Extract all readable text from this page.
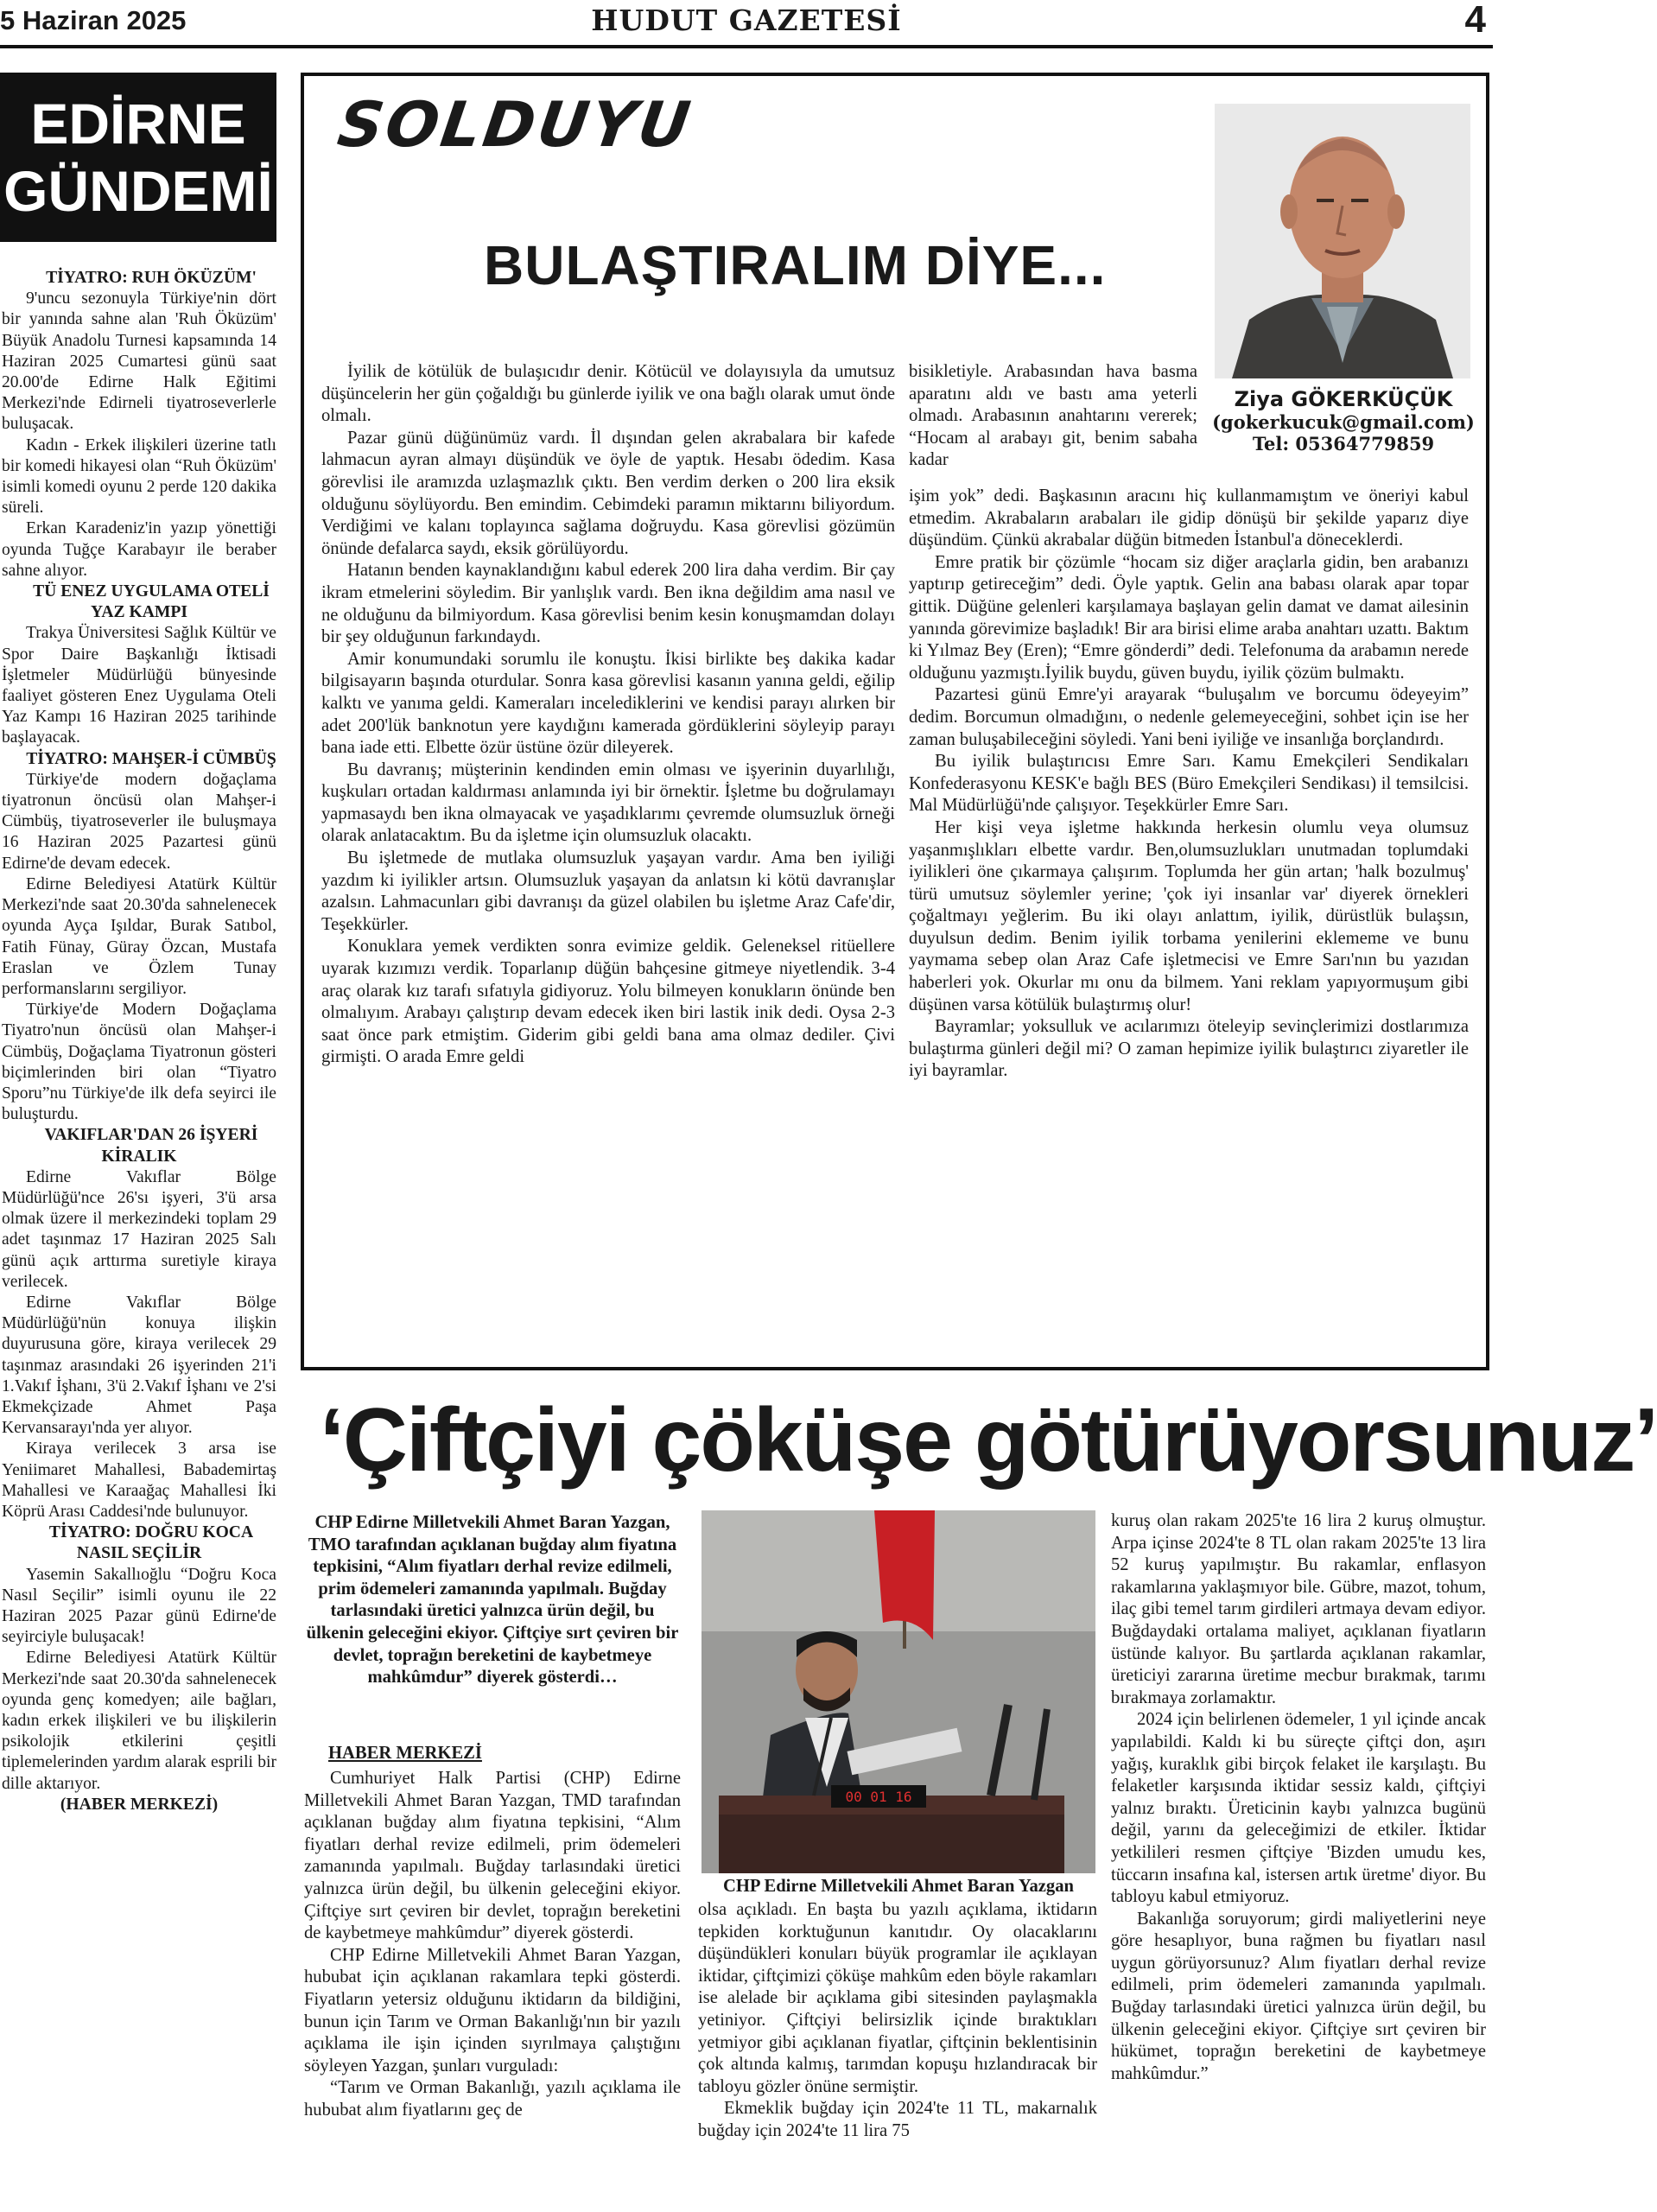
5 Haziran 2025	HUDUT GAZETESİ	4
EDİRNE
GÜNDEMİ

TİYATRO: RUH ÖKÜZÜM'

9'uncu sezonuyla Türkiye'nin dört bir yanında sahne alan 'Ruh Öküzüm' Büyük Anadolu Turnesi kapsamında 14 Haziran 2025 Cumartesi günü saat 20.00'de Edirne Halk Eğitimi Merkezi'nde Edirneli tiyatroseverlerle buluşacak.

Kadın - Erkek ilişkileri üzerine tatlı bir komedi hikayesi olan “Ruh Öküzüm' isimli komedi oyunu 2 perde 120 dakika süreli.

Erkan Karadeniz'in yazıp yönettiği oyunda Tuğçe Karabayır ile beraber sahne alıyor.

TÜ ENEZ UYGULAMA OTELİ YAZ KAMPI

Trakya Üniversitesi Sağlık Kültür ve Spor Daire Başkanlığı İktisadi İşletmeler Müdürlüğü bünyesinde faaliyet gösteren Enez Uygulama Oteli Yaz Kampı 16 Haziran 2025 tarihinde başlayacak.

TİYATRO: MAHŞER-İ CÜMBÜŞ

Türkiye'de modern doğaçlama tiyatronun öncüsü olan Mahşer-i Cümbüş, tiyatroseverler ile buluşmaya 16 Haziran 2025 Pazartesi günü Edirne'de devam edecek.

Edirne Belediyesi Atatürk Kültür Merkezi'nde saat 20.30'da sahnelenecek oyunda Ayça Işıldar, Burak Satıbol, Fatih Fünay, Güray Özcan, Mustafa Eraslan ve Özlem Tunay performanslarını sergiliyor.

Türkiye'de Modern Doğaçlama Tiyatro'nun öncüsü olan Mahşer-i Cümbüş, Doğaçlama Tiyatronun gösteri biçimlerinden biri olan “Tiyatro Sporu”nu Türkiye'de ilk defa seyirci ile buluşturdu.

VAKIFLAR'DAN 26 İŞYERİ KİRALIK

Edirne Vakıflar Bölge Müdürlüğü'nce 26'sı işyeri, 3'ü arsa olmak üzere il merkezindeki toplam 29 adet taşınmaz 17 Haziran 2025 Salı günü açık arttırma suretiyle kiraya verilecek.

Edirne Vakıflar Bölge Müdürlüğü'nün konuya ilişkin duyurusuna göre, kiraya verilecek 29 taşınmaz arasındaki 26 işyerinden 21'i 1.Vakıf İşhanı, 3'ü 2.Vakıf İşhanı ve 2'si Ekmekçizade Ahmet Paşa Kervansarayı'nda yer alıyor.

Kiraya verilecek 3 arsa ise Yeniimaret Mahallesi, Babademirtaş Mahallesi ve Karaağaç Mahallesi İki Köprü Arası Caddesi'nde bulunuyor.

TİYATRO: DOĞRU KOCA NASIL SEÇİLİR

Yasemin Sakallıoğlu “Doğru Koca Nasıl Seçilir” isimli oyunu ile 22 Haziran 2025 Pazar günü Edirne'de seyirciyle buluşacak!

Edirne Belediyesi Atatürk Kültür Merkezi'nde saat 20.30'da sahnelenecek oyunda genç komedyen; aile bağları, kadın erkek ilişkileri ve bu ilişkilerin psikolojik etkilerini çeşitli tiplemelerinden yardım alarak esprili bir dille aktarıyor.

(HABER MERKEZİ)

SOLDUYU
BULAŞTIRALIM DİYE...
Ziya GÖKERKÜÇÜK
(gokerkucuk@gmail.com)
Tel: 05364779859

İyilik de kötülük de bulaşıcıdır denir. Kötücül ve dolayısıyla da umutsuz düşüncelerin her gün çoğaldığı bu günlerde iyilik ve ona bağlı olarak umut önde olmalı.

Pazar günü düğünümüz vardı. İl dışından gelen akrabalara bir kafede lahmacun ayran almayı düşündük ve öyle de yaptık. Hesabı ödedim. Kasa görevlisi ile aramızda uzlaşmazlık çıktı. Ben verdim derken o 200 lira eksik olduğunu söylüyordu. Ben emindim. Cebimdeki paramın miktarını biliyordum. Verdiğimi ve kalanı toplayınca sağlama doğruydu. Kasa görevlisi gözümün önünde defalarca saydı, eksik görülüyordu.

Hatanın benden kaynaklandığını kabul ederek 200 lira daha verdim. Bir çay ikram etmelerini söyledim. Bir yanlışlık vardı. Ben ikna değildim ama nasıl ve ne olduğunu da bilmiyordum. Kasa görevlisi benim kesin konuşmamdan dolayı bir şey olduğunun farkındaydı.

Amir konumundaki sorumlu ile konuştu. İkisi birlikte beş dakika kadar bilgisayarın başında oturdular. Sonra kasa görevlisi kasanın yanına geldi, eğilip kalktı ve yanıma geldi. Kameraları incelediklerini ve kendisi parayı alırken bir adet 200'lük banknotun yere kaydığını kamerada gördüklerini söyleyip parayı bana iade etti. Elbette özür üstüne özür dileyerek.

Bu davranış; müşterinin kendinden emin olması ve işyerinin duyarlılığı, kuşkuları ortadan kaldırması anlamında iyi bir örnektir. İşletme bu doğrulamayı yapmasaydı ben ikna olmayacak ve yaşadıklarımı çevremde olumsuzluk örneği olarak anlatacaktım. Bu da işletme için olumsuzluk olacaktı.

Bu işletmede de mutlaka olumsuzluk yaşayan vardır. Ama ben iyiliği yazdım ki iyilikler artsın. Olumsuzluk yaşayan da anlatsın ki kötü davranışlar azalsın. Lahmacunları gibi davranışı da güzel olabilen bu işletme Araz Cafe'dir, Teşekkürler.

Konuklara yemek verdikten sonra evimize geldik. Geleneksel ritüellere uyarak kızımızı verdik. Toparlanıp düğün bahçesine gitmeye niyetlendik. 3-4 araç olarak kız tarafı sıfatıyla gidiyoruz. Yolu bilmeyen konukların önünde ben olmalıyım. Arabayı çalıştırıp devam edecek iken biri lastik inik dedi. Oysa 2-3 saat önce park etmiştim. Giderim gibi geldi bana ama olmaz dediler. Çivi girmişti. O arada Emre geldi

bisikletiyle. Arabasından hava basma aparatını aldı ve bastı ama yeterli olmadı. Arabasının anahtarını vererek; “Hocam al arabayı git, benim sabaha kadar

işim yok” dedi. Başkasının aracını hiç kullanmamıştım ve öneriyi kabul etmedim. Akrabaların arabaları ile gidip dönüşü bir şekilde yaparız diye düşündüm. Çünkü akrabalar düğün bitmeden İstanbul'a döneceklerdi.

Emre pratik bir çözümle “hocam siz diğer araçlarla gidin, ben arabanızı yaptırıp getireceğim” dedi. Öyle yaptık. Gelin ana babası olarak apar topar gittik. Düğüne gelenleri karşılamaya başlayan gelin damat ve damat ailesinin yanında görevimize başladık! Bir ara birisi elime araba anahtarı uzattı. Baktım ki Yılmaz Bey (Eren); “Emre gönderdi” dedi. Telefonuma da arabamın nerede olduğunu yazmıştı.İyilik buydu, güven buydu, iyilik çözüm bulmaktı.

Pazartesi günü Emre'yi arayarak “buluşalım ve borcumu ödeyeyim” dedim. Borcumun olmadığını, o nedenle gelemeyeceğini, sohbet için ise her zaman buluşabileceğini söyledi. Yani beni iyiliğe ve insanlığa borçlandırdı.

Bu iyilik bulaştırıcısı Emre Sarı. Kamu Emekçileri Sendikaları Konfederasyonu KESK'e bağlı BES (Büro Emekçileri Sendikası) il temsilcisi. Mal Müdürlüğü'nde çalışıyor. Teşekkürler Emre Sarı.

Her kişi veya işletme hakkında herkesin olumlu veya olumsuz yaşanmışlıkları elbette vardır. Ben,olumsuzlukları unutmadan toplumdaki iyilikleri öne çıkarmaya çalışırım. Toplumda her gün artan; 'halk bozulmuş' türü umutsuz söylemler yerine; 'çok iyi insanlar var' diyerek örnekleri çoğaltmayı yeğlerim. Bu iki olayı anlattım, iyilik, dürüstlük bulaşsın, duyulsun dedim. Benim iyilik torbama yenilerini eklememe ve bunu yaymama sebep olan Araz Cafe işletmecisi ve Emre Sarı'nın bu yazıdan haberleri yok. Okurlar mı onu da bilmem. Yani reklam yapıyormuşum gibi düşünen varsa kötülük bulaştırmış olur!

Bayramlar; yoksulluk ve acılarımızı öteleyip sevinçlerimizi dostlarımıza bulaştırma günleri değil mi? O zaman hepimize iyilik bulaştırıcı ziyaretler ile iyi bayramlar.

‘Çiftçiyi çöküşe götürüyorsunuz’
CHP Edirne Milletvekili Ahmet Baran Yazgan, TMO tarafından açıklanan buğday alım fiyatına tepkisini, “Alım fiyatları derhal revize edilmeli, prim ödemeleri zamanında yapılmalı. Buğday tarlasındaki üretici yalnızca ürün değil, bu ülkenin geleceğini ekiyor. Çiftçiye sırt çeviren bir devlet, toprağın bereketini de kaybetmeye mahkûmdur” diyerek gösterdi…
HABER MERKEZİ

Cumhuriyet Halk Partisi (CHP) Edirne Milletvekili Ahmet Baran Yazgan, TMD tarafından açıklanan buğday alım fiyatına tepkisini, “Alım fiyatları derhal revize edilmeli, prim ödemeleri zamanında yapılmalı. Buğday tarlasındaki üretici yalnızca ürün değil, bu ülkenin geleceğini ekiyor. Çiftçiye sırt çeviren bir devlet, toprağın bereketini de kaybetmeye mahkûmdur” diyerek gösterdi.

CHP Edirne Milletvekili Ahmet Baran Yazgan, hububat için açıklanan rakamlara tepki gösterdi. Fiyatların yetersiz olduğunu iktidarın da bildiğini, bunun için Tarım ve Orman Bakanlığı'nın bir yazılı açıklama ile işin içinden sıyrılmaya çalıştığını söyleyen Yazgan, şunları vurguladı:

“Tarım ve Orman Bakanlığı, yazılı açıklama ile hububat alım fiyatlarını geç de

00 01 16
CHP Edirne Milletvekili Ahmet Baran Yazgan

olsa açıkladı. En başta bu yazılı açıklama, iktidarın tepkiden korktuğunun kanıtıdır. Oy olacaklarını düşündükleri konuları büyük programlar ile açıklayan iktidar, çiftçimizi çöküşe mahkûm eden böyle rakamları ise alelade bir açıklama gibi sitesinden paylaşmakla yetiniyor. Çiftçiyi belirsizlik içinde bıraktıkları yetmiyor gibi açıklanan fiyatlar, çiftçinin beklentisinin çok altında kalmış, tarımdan kopuşu hızlandıracak bir tabloyu gözler önüne sermiştir.

Ekmeklik buğday için 2024'te 11 TL, makarnalık buğday için 2024'te 11 lira 75

kuruş olan rakam 2025'te 16 lira 2 kuruş olmuştur. Arpa içinse 2024'te 8 TL olan rakam 2025'te 13 lira 52 kuruş yapılmıştır. Bu rakamlar, enflasyon rakamlarına yaklaşmıyor bile. Gübre, mazot, tohum, ilaç gibi temel tarım girdileri artmaya devam ediyor. Buğdaydaki ortalama maliyet, açıklanan fiyatların üstünde kalıyor. Bu şartlarda açıklanan rakamlar, üreticiyi zararına üretime mecbur bırakmak, tarımı bırakmaya zorlamaktır.

2024 için belirlenen ödemeler, 1 yıl içinde ancak yapılabildi. Kaldı ki bu süreçte çiftçi don, aşırı yağış, kuraklık gibi birçok felaket ile karşılaştı. Bu felaketler karşısında iktidar sessiz kaldı, çiftçiyi yalnız bıraktı. Üreticinin kaybı yalnızca bugünü değil, yarını da geleceğimizi de etkiler. İktidar yetkilileri resmen çiftçiye 'Bizden umudu kes, tüccarın insafına kal, istersen artık üretme' diyor. Bu tabloyu kabul etmiyoruz.

Bakanlığa soruyorum; girdi maliyetlerini neye göre hesaplıyor, buna rağmen bu fiyatları nasıl uygun görüyorsunuz? Alım fiyatları derhal revize edilmeli, prim ödemeleri zamanında yapılmalı. Buğday tarlasındaki üretici yalnızca ürün değil, bu ülkenin geleceğini ekiyor. Çiftçiye sırt çeviren bir hükümet, toprağın bereketini de kaybetmeye mahkûmdur.”
